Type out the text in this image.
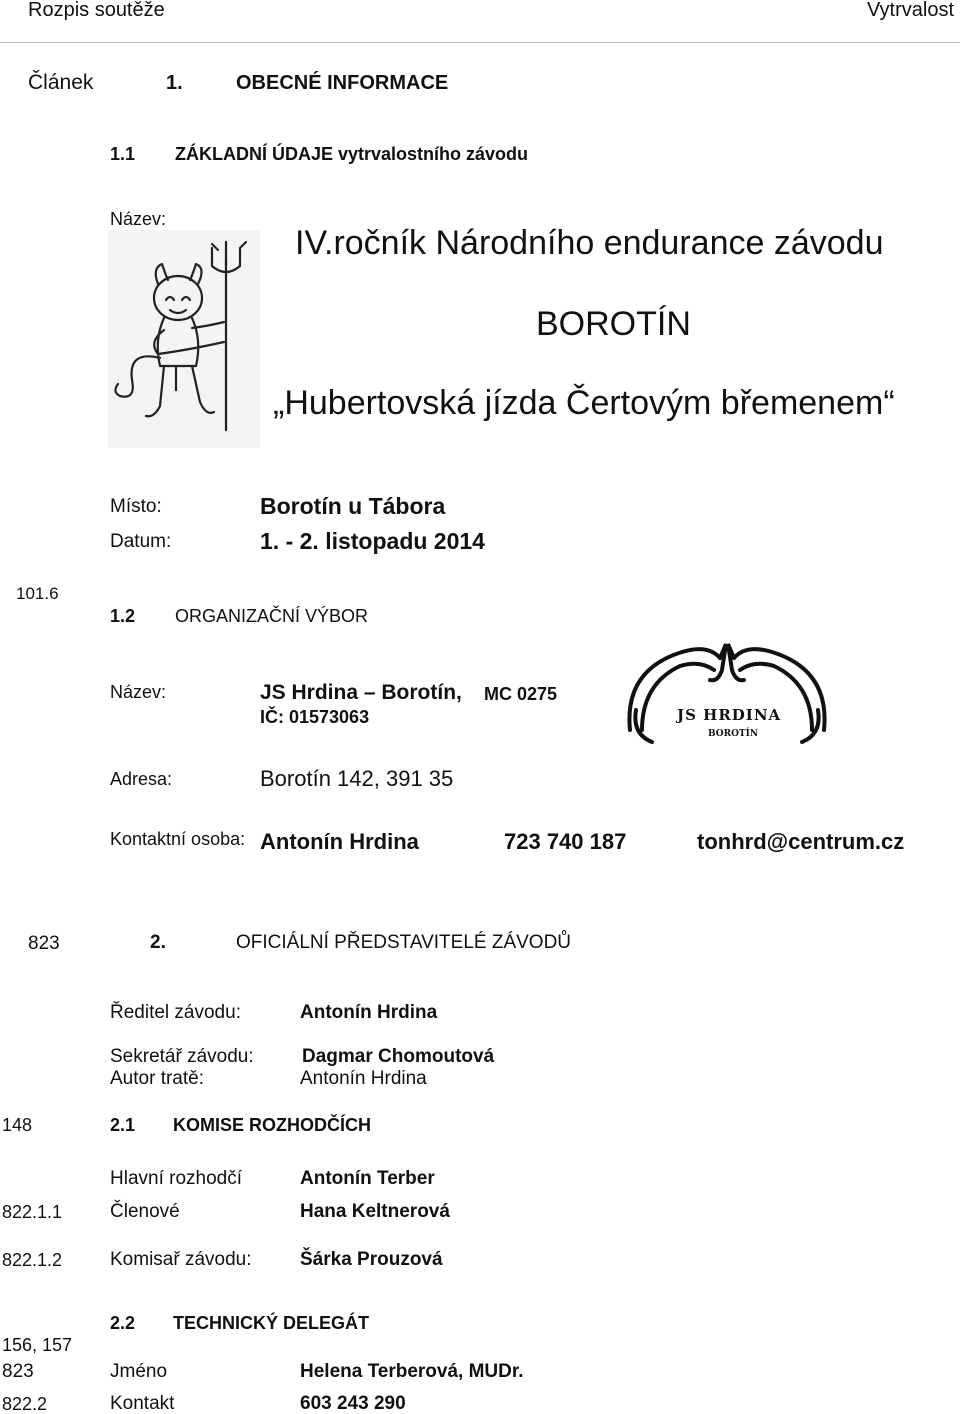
Rozpis soutěže	Vytrvalost
Článek	1.	OBECNÉ INFORMACE
1.1 ZÁKLADNÍ ÚDAJE vytrvalostního závodu
Název:
IV.ročník Národního endurance závodu
BOROTÍN
„Hubertovská jízda Čertovým břemenem“
Místo:	Borotín u Tábora
Datum:	1. - 2. listopadu 2014
101.6
1.2 ORGANIZAČNÍ VÝBOR
Název:	JS Hrdina – Borotín, MC 0275
IČ: 01573063	JS HRDINA
BOROTÍN
Adresa:	Borotín 142, 391 35
Kontaktní osoba: Antonín Hrdina	723 740 187	tonhrd@centrum.cz
823	2.	OFICIÁLNÍ PŘEDSTAVITELÉ ZÁVODŮ
Ředitel závodu:	Antonín Hrdina
Sekretář závodu:	Dagmar Chomoutová
Autor tratě:	Antonín Hrdina
148	2.1 KOMISE ROZHODČÍCH
Hlavní rozhodčí	Antonín Terber
822.1.1	Členové	Hana Keltnerová
822.1.2	Komisař závodu:	Šárka Prouzová
2.2 TECHNICKÝ DELEGÁT
156, 157
823	Jméno	Helena Terberová, MUDr.
822.2	Kontakt	603 243 290
